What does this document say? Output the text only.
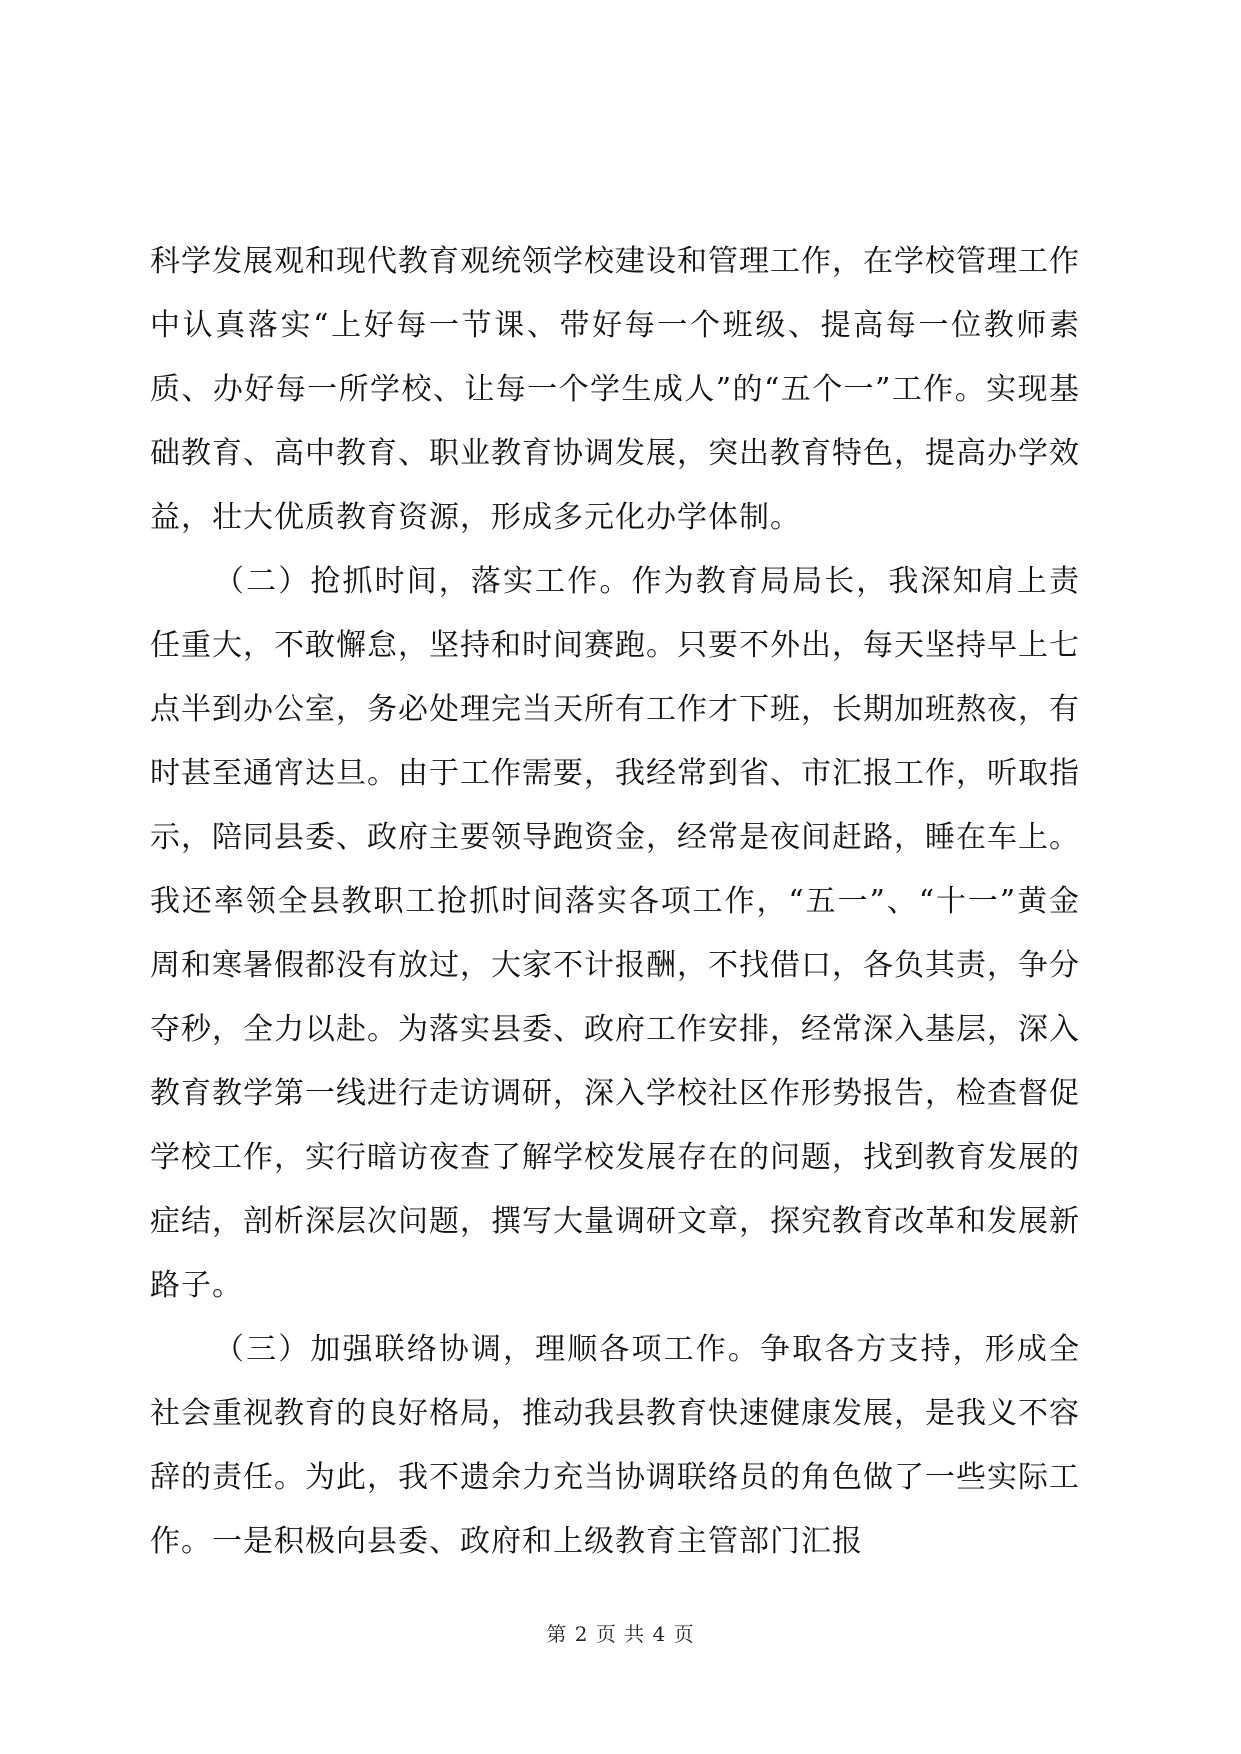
科学发展观和现代教育观统领学校建设和管理工作，在学校管理工作中认真落实“上好每一节课、带好每一个班级、提高每一位教师素质、办好每一所学校、让每一个学生成人”的“五个一”工作。实现基础教育、高中教育、职业教育协调发展，突出教育特色，提高办学效益，壮大优质教育资源，形成多元化办学体制。

（二）抢抓时间，落实工作。作为教育局局长，我深知肩上责任重大，不敢懈怠，坚持和时间赛跑。只要不外出，每天坚持早上七点半到办公室，务必处理完当天所有工作才下班，长期加班熬夜，有时甚至通宵达旦。由于工作需要，我经常到省、市汇报工作，听取指示，陪同县委、政府主要领导跑资金，经常是夜间赶路，睡在车上。我还率领全县教职工抢抓时间落实各项工作，“五一”、“十一”黄金周和寒暑假都没有放过，大家不计报酬，不找借口，各负其责，争分夺秒，全力以赴。为落实县委、政府工作安排，经常深入基层，深入教育教学第一线进行走访调研，深入学校社区作形势报告，检查督促学校工作，实行暗访夜查了解学校发展存在的问题，找到教育发展的症结，剖析深层次问题，撰写大量调研文章，探究教育改革和发展新路子。

（三）加强联络协调，理顺各项工作。争取各方支持，形成全社会重视教育的良好格局，推动我县教育快速健康发展，是我义不容辞的责任。为此，我不遗余力充当协调联络员的角色做了一些实际工作。一是积极向县委、政府和上级教育主管部门汇报

第 2 页 共 4 页
